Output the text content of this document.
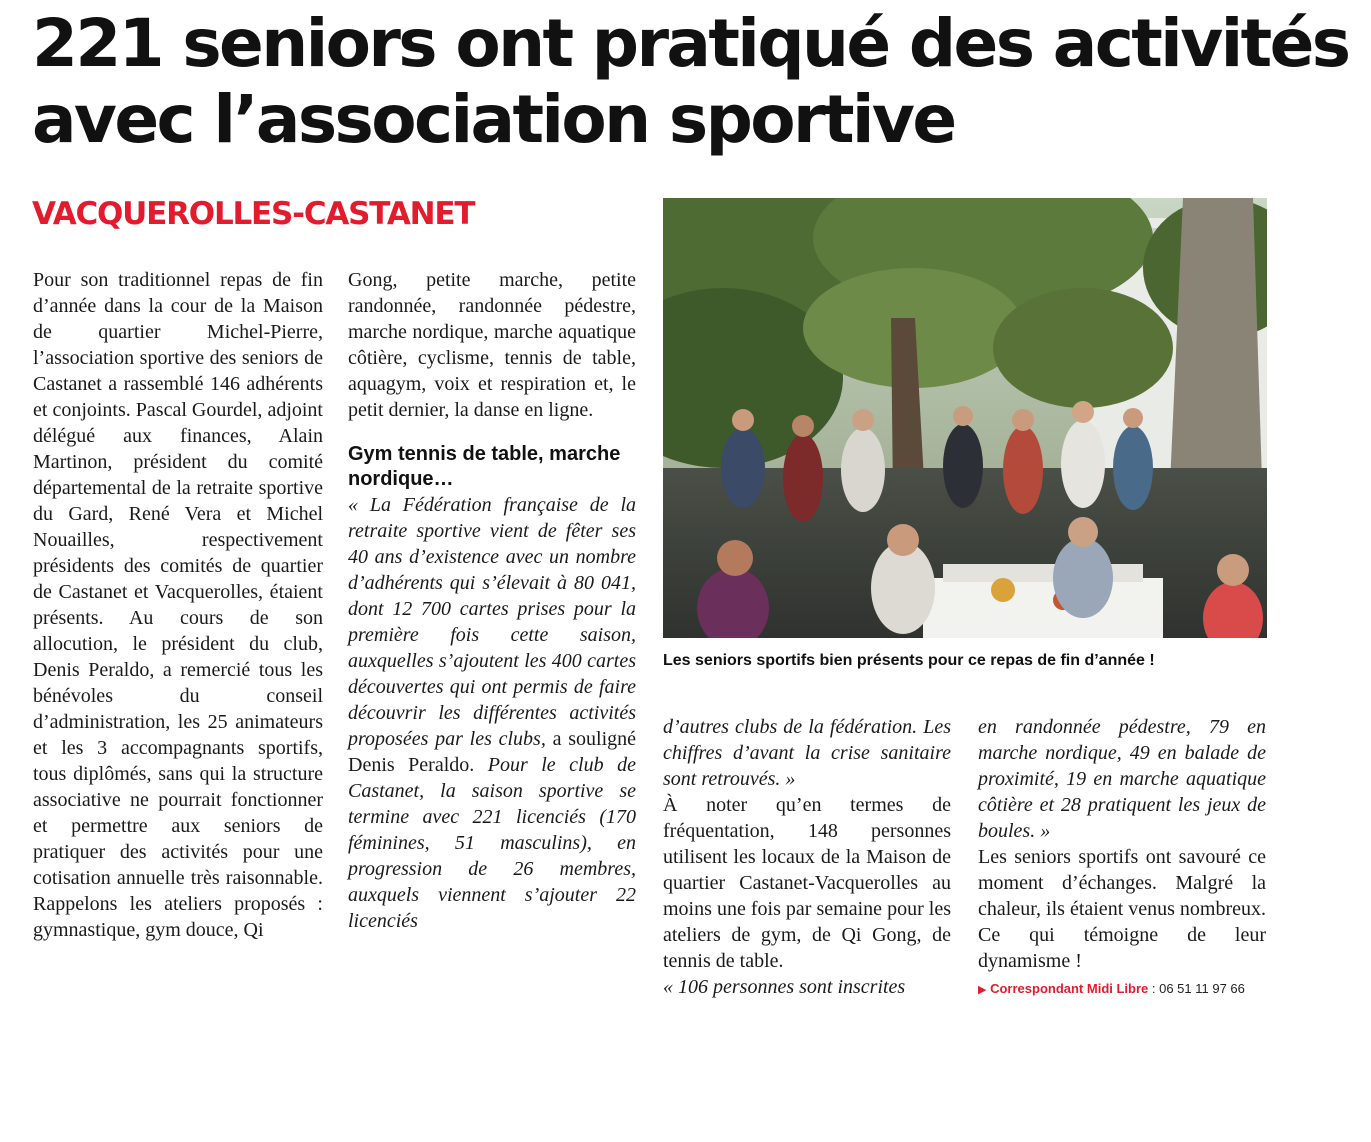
221 seniors ont pratiqué des activités avec l’association sportive
VACQUEROLLES-CASTANET

Pour son traditionnel repas de fin d’année dans la cour de la Maison de quartier Michel-Pierre, l’association sportive des seniors de Castanet a rassemblé 146 adhérents et conjoints. Pascal Gourdel, adjoint délégué aux finances, Alain Martinon, président du comité départemental de la retraite sportive du Gard, René Vera et Michel Nouailles, respectivement présidents des comités de quartier de Castanet et Vacquerolles, étaient présents. Au cours de son allocution, le président du club, Denis Peraldo, a remercié tous les bénévoles du conseil d’administration, les 25 animateurs et les 3 accompagnants sportifs, tous diplômés, sans qui la structure associative ne pourrait fonctionner et permettre aux seniors de pratiquer des activités pour une cotisation annuelle très raisonnable. Rappelons les ateliers proposés : gymnastique, gym douce, Qi

Gong, petite marche, petite randonnée, randonnée pédestre, marche nordique, marche aquatique côtière, cyclisme, tennis de table, aquagym, voix et respiration et, le petit dernier, la danse en ligne.

Gym tennis de table, marche nordique…

« La Fédération française de la retraite sportive vient de fêter ses 40 ans d’existence avec un nombre d’adhérents qui s’élevait à 80 041, dont 12 700 cartes prises pour la première fois cette saison, auxquelles s’ajoutent les 400 cartes découvertes qui ont permis de faire découvrir les différentes activités proposées par les clubs, a souligné Denis Peraldo. Pour le club de Castanet, la saison sportive se termine avec 221 licenciés (170 féminines, 51 masculins), en progression de 26 membres, auxquels viennent s’ajouter 22 licenciés

Les seniors sportifs bien présents pour ce repas de fin d’année !

d’autres clubs de la fédération. Les chiffres d’avant la crise sanitaire sont retrouvés. »

À noter qu’en termes de fréquentation, 148 personnes utilisent les locaux de la Maison de quartier Castanet-Vacquerolles au moins une fois par semaine pour les ateliers de gym, de Qi Gong, de tennis de table.

« 106 personnes sont inscrites

en randonnée pédestre, 79 en marche nordique, 49 en balade de proximité, 19 en marche aquatique côtière et 28 pratiquent les jeux de boules. »

Les seniors sportifs ont savouré ce moment d’échanges. Malgré la chaleur, ils étaient venus nombreux. Ce qui témoigne de leur dynamisme !

▶ Correspondant Midi Libre : 06 51 11 97 66
